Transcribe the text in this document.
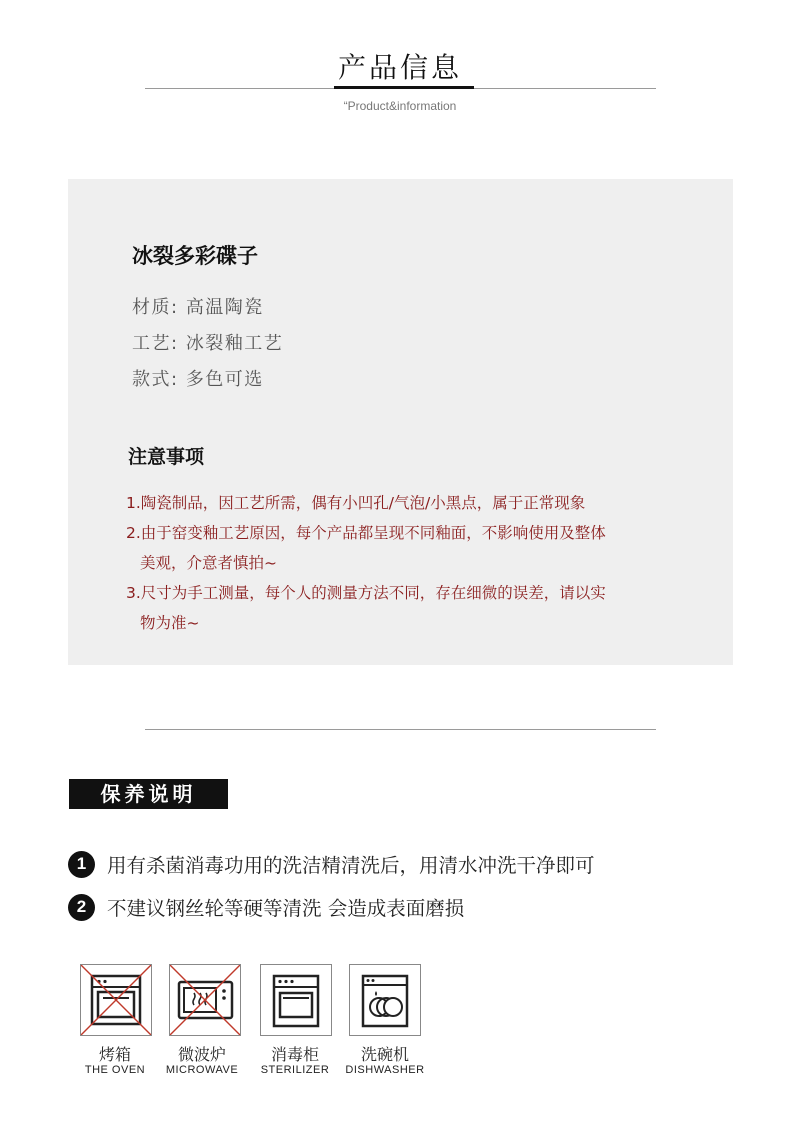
产品信息
“Product&information
冰裂多彩碟子
材质: 高温陶瓷
工艺: 冰裂釉工艺
款式: 多色可选
注意事项

1.陶瓷制品，因工艺所需，偶有小凹孔/气泡/小黑点，属于正常现象

2.由于窑变釉工艺原因，每个产品都呈现不同釉面，不影响使用及整体
美观，介意者慎拍~

3.尺寸为手工测量，每个人的测量方法不同，存在细微的误差，请以实
物为准~

保养说明
1	用有杀菌消毒功用的洗洁精清洗后，用清水冲洗干净即可
2	不建议钢丝轮等硬等清洗 会造成表面磨损
烤箱
THE OVEN
微波炉
MICROWAVE
消毒柜
STERILIZER
洗碗机
DISHWASHER
